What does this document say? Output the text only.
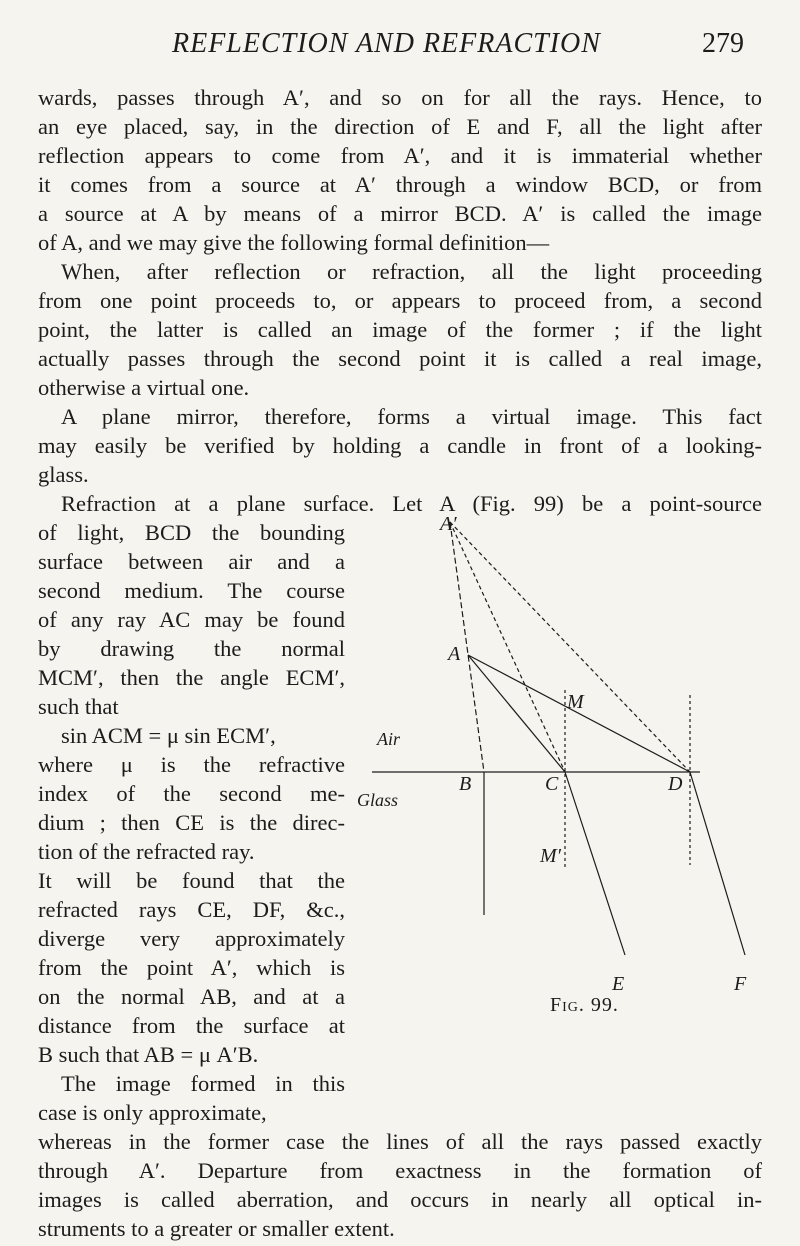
REFLECTION AND REFRACTION	279
wards, passes through A′, and so on for all the rays. Hence, to
an eye placed, say, in the direction of E and F, all the light after
reflection appears to come from A′, and it is immaterial whether
it comes from a source at A′ through a window BCD, or from
a source at A by means of a mirror BCD. A′ is called the image
of A, and we may give the following formal definition—
When, after reflection or refraction, all the light proceeding
from one point proceeds to, or appears to proceed from, a second
point, the latter is called an image of the former ; if the light
actually passes through the second point it is called a real image,
otherwise a virtual one.
A plane mirror, therefore, forms a virtual image. This fact
may easily be verified by holding a candle in front of a looking-
glass.
Refraction at a plane surface. Let A (Fig. 99) be a point-source
of light, BCD the bounding
surface between air and a
second medium. The course
of any ray AC may be found
by drawing the normal
MCM′, then the angle ECM′,
such that
sin ACM = μ sin ECM′,
where μ is the refractive
index of the second me-
dium ; then CE is the direc-
tion of the refracted ray.
It will be found that the
refracted rays CE, DF, &c.,
diverge very approximately
from the point A′, which is
on the normal AB, and at a
distance from the surface at
B such that AB = μ A′B.
The image formed in this
case is only approximate,
whereas in the former case the lines of all the rays passed exactly
through A′. Departure from exactness in the formation of
images is called aberration, and occurs in nearly all optical in-
struments to a greater or smaller extent.
A′
A
M
Air
B	C	D
Glass
M′
E	F
Fig. 99.
